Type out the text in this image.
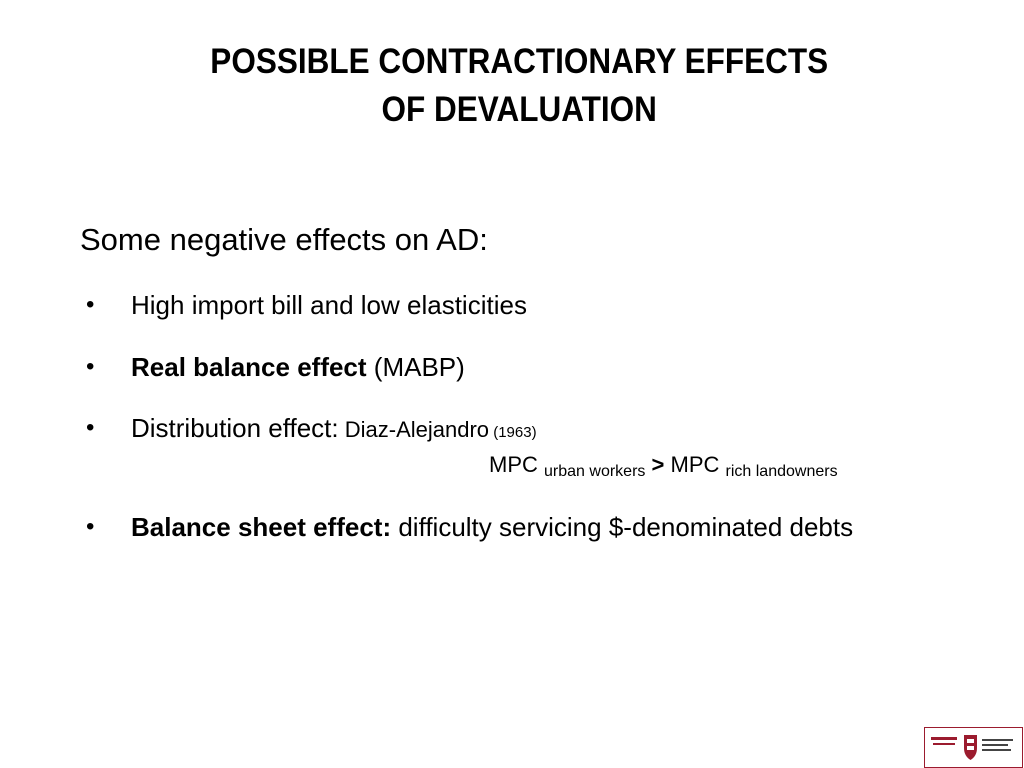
POSSIBLE CONTRACTIONARY EFFECTS
OF DEVALUATION
Some negative effects on AD:
• High import bill and low elasticities
• Real balance effect (MABP)
• Distribution effect: Diaz-Alejandro (1963)
MPC urban workers > MPC rich landowners
• Balance sheet effect: difficulty servicing $-denominated debts
